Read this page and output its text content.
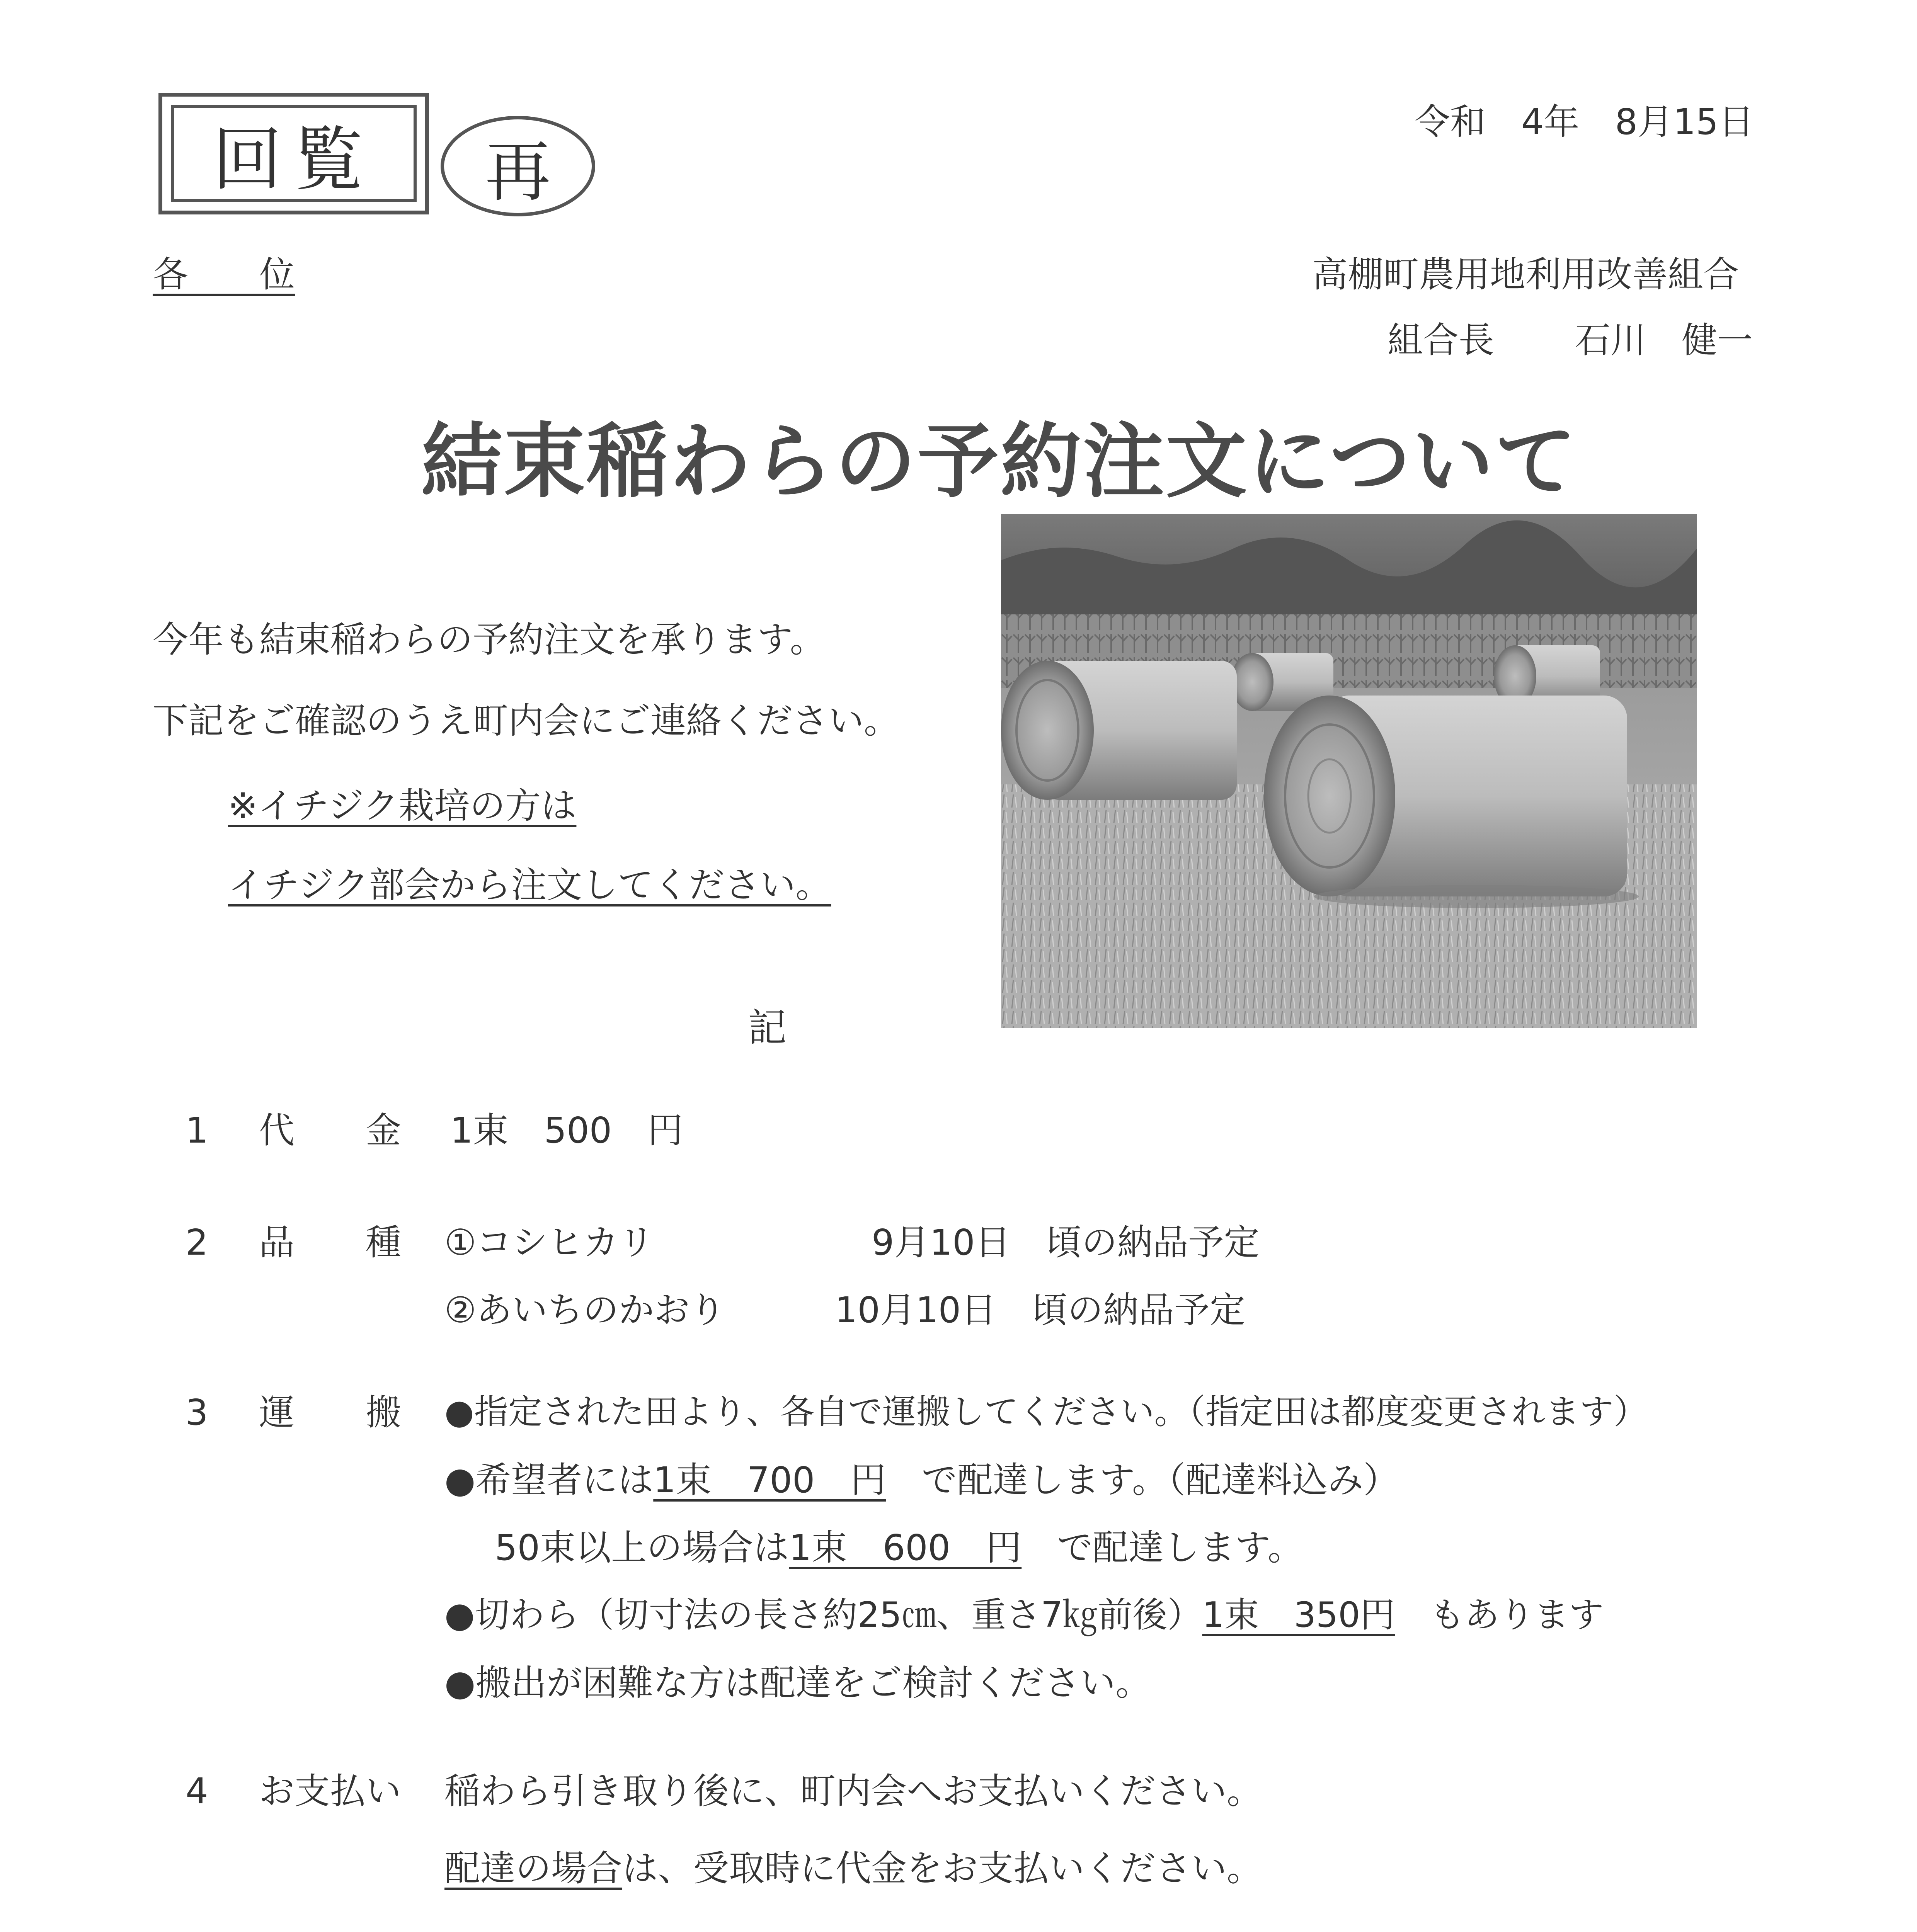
回覧	再
令和　4年　8月15日
各　　位	高棚町農用地利用改善組合
組合長 石川　健一
結束稲わらの予約注文について
今年も結束稲わらの予約注文を承ります。
下記をご確認のうえ町内会にご連絡ください。
※イチジク栽培の方は
イチジク部会から注文してください。
記
1 代　　金 1束　500　円
2 品　　種 ①コシヒカリ	9月10日　頃の納品予定
②あいちのかおり	10月10日　頃の納品予定
3 運　　搬 ●指定された田より、各自で運搬してください。（指定田は都度変更されます）
●希望者には1束　700　円　 で配達します。（配達料込み）
50束以上の場合は1束　600　円　 で配達します。
●切わら（切寸法の長さ約25㎝、重さ7㎏前後）1束　350円　 もあります
●搬出が困難な方は配達をご検討ください。
4 お支払い 稲わら引き取り後に、町内会へお支払いください。
配達の場合は、受取時に代金をお支払いください。
